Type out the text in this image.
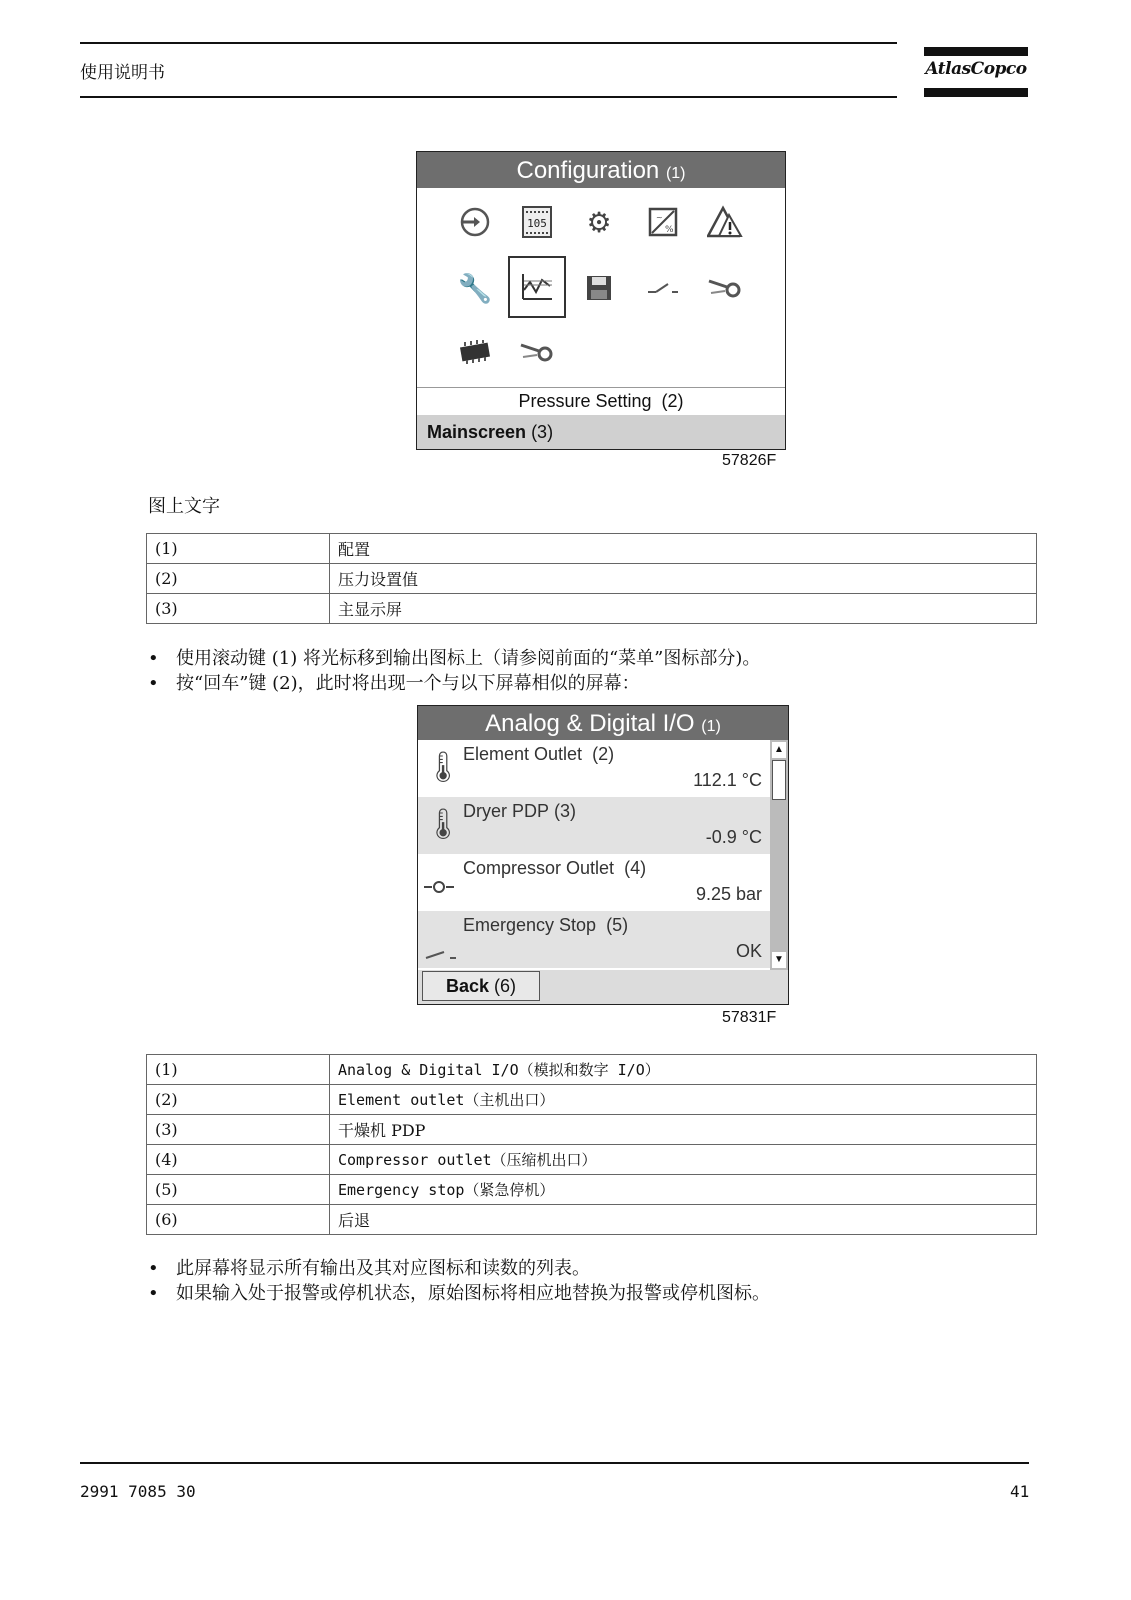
使用说明书	AtlasCopco
Configuration (1)
105 ⚙	~
%
🔧
Pressure Setting (2)
Mainscreen (3)
57826F
图上文字
(1)	配置
(2)	压力设置值
(3)	主显示屏
• 使用滚动键 (1) 将光标移到输出图标上（请参阅前面的“菜单”图标部分)。
• 按“回车”键 (2)，此时将出现一个与以下屏幕相似的屏幕：
Analog & Digital I/O (1)
🌡 Element Outlet (2)
112.1 °C
🌡 Dryer PDP (3)
-0.9 °C
Compressor Outlet (4)
9.25 bar
Emergency Stop (5)
OK
▲
▼
Back (6)
57831F
(1)	Analog & Digital I/O（模拟和数字 I/O）
(2)	Element outlet（主机出口）
(3)	干燥机 PDP
(4)	Compressor outlet（压缩机出口）
(5)	Emergency stop（紧急停机）
(6)	后退
• 此屏幕将显示所有输出及其对应图标和读数的列表。
• 如果输入处于报警或停机状态，原始图标将相应地替换为报警或停机图标。
2991 7085 30	41
